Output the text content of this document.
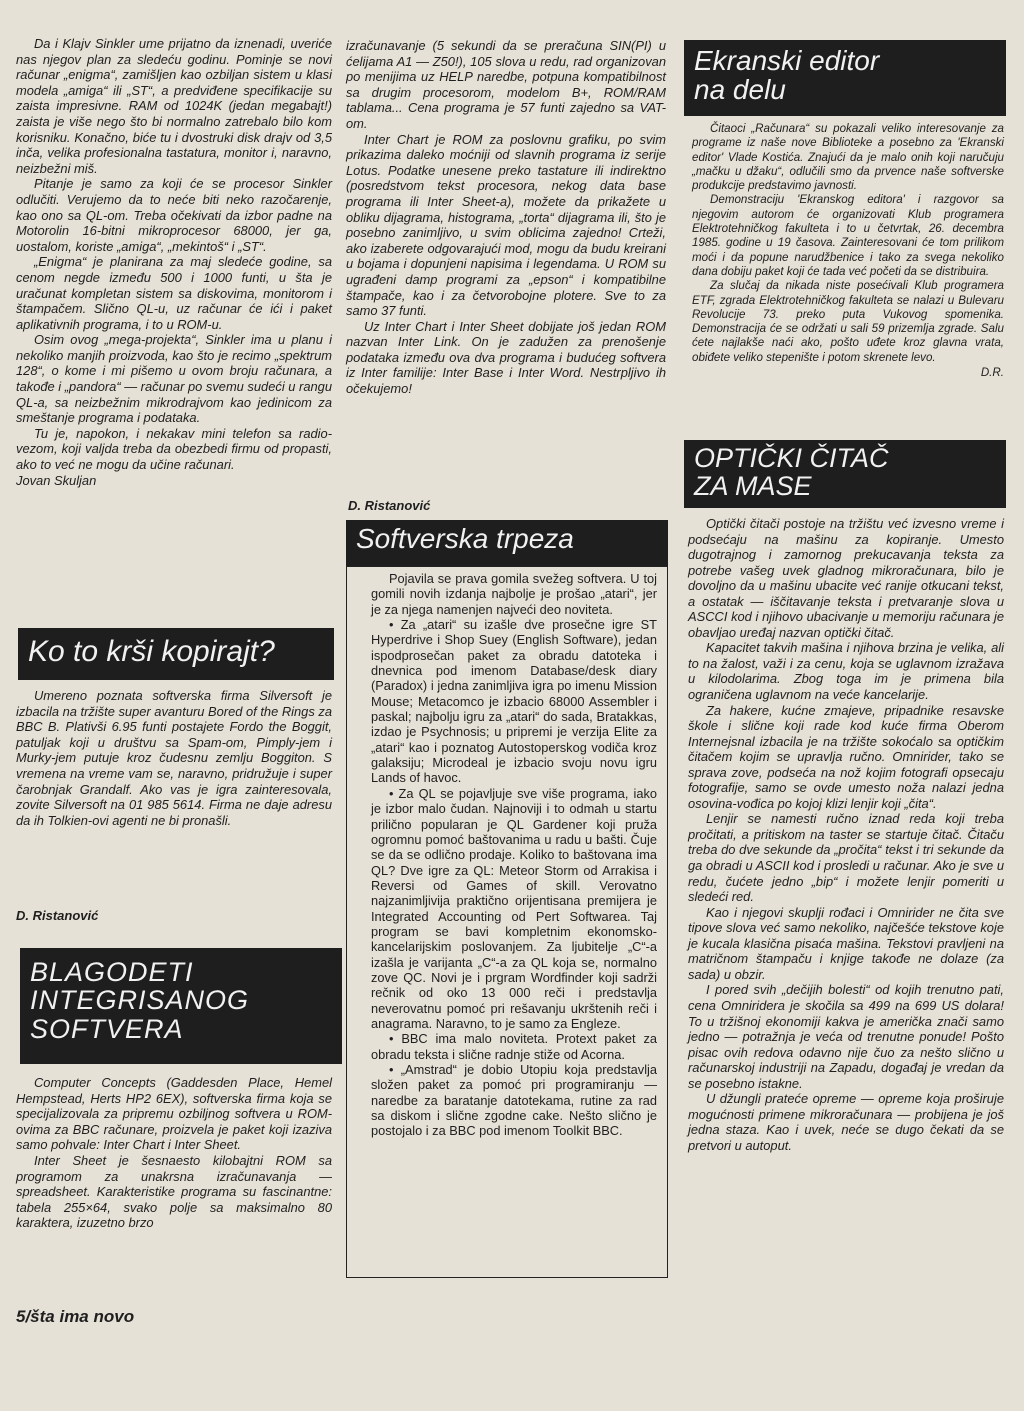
Da i Klajv Sinkler ume prijatno da iznenadi, uveriće nas njegov plan za sledeću godinu. Pominje se novi računar „enigma“, zamišljen kao ozbiljan sistem u klasi modela „amiga“ ili „ST“, a predviđene specifikacije su zaista impresivne. RAM od 1024K (jedan megabajt!) zaista je više nego što bi normalno zatrebalo bilo kom korisniku. Konačno, biće tu i dvostruki disk drajv od 3,5 inča, velika profesionalna tastatura, monitor i, naravno, neizbežni miš.

Pitanje je samo za koji će se procesor Sinkler odlučiti. Verujemo da to neće biti neko razočarenje, kao ono sa QL-om. Treba očekivati da izbor padne na Motorolin 16-bitni mikroprocesor 68000, jer ga, uostalom, koriste „amiga“, „mekintoš“ i „ST“.

„Enigma“ je planirana za maj sledeće godine, sa cenom negde između 500 i 1000 funti, u šta je uračunat kompletan sistem sa diskovima, monitorom i štampačem. Slično QL-u, uz računar će ići i paket aplikativnih programa, i to u ROM-u.

Osim ovog „mega-projekta“, Sinkler ima u planu i nekoliko manjih proizvoda, kao što je recimo „spektrum 128“, o kome i mi pišemo u ovom broju računara, a takođe i „pandora“ — računar po svemu sudeći u rangu QL-a, sa neizbežnim mikrodrajvom kao jedinicom za smeštanje programa i podataka.

Tu je, napokon, i nekakav mini telefon sa radio-vezom, koji valjda treba da obezbedi firmu od propasti, ako to već ne mogu da učine računari.

Jovan Skuljan

Ko to krši kopirajt?

Umereno poznata softverska firma Silversoft je izbacila na tržište super avanturu Bored of the Rings za BBC B. Plativši 6.95 funti postajete Fordo the Boggit, patuljak koji u društvu sa Spam-om, Pimply-jem i Murky-jem putuje kroz čudesnu zemlju Boggiton. S vremena na vreme vam se, naravno, pridružuje i super čarobnjak Grandalf. Ako vas je igra zainteresovala, zovite Silversoft na 01 985 5614. Firma ne daje adresu da ih Tolkien-ovi agenti ne bi pronašli.

D. Ristanović

BLAGODETI
INTEGRISANOG
SOFTVERA

Computer Concepts (Gaddesden Place, Hemel Hempstead, Herts HP2 6EX), softverska firma koja se specijalizovala za pripremu ozbiljnog softvera u ROM-ovima za BBC računare, proizvela je paket koji izaziva samo pohvale: Inter Chart i Inter Sheet.

Inter Sheet je šesnaesto kilobajtni ROM sa programom za unakrsna izračunavanja — spreadsheet. Karakteristike programa su fascinantne: tabela 255×64, svako polje sa maksimalno 80 karaktera, izuzetno brzo

izračunavanje (5 sekundi da se preračuna SIN(PI) u ćelijama A1 — Z50!), 105 slova u redu, rad organizovan po menijima uz HELP naredbe, potpuna kompatibilnost sa drugim procesorom, modelom B+, ROM/RAM tablama... Cena programa je 57 funti zajedno sa VAT-om.

Inter Chart je ROM za poslovnu grafiku, po svim prikazima daleko moćniji od slavnih programa iz serije Lotus. Podatke unesene preko tastature ili indirektno (posredstvom tekst procesora, nekog data base programa ili Inter Sheet-a), možete da prikažete u obliku dijagrama, histograma, „torta“ dijagrama ili, što je posebno zanimljivo, u svim oblicima zajedno! Crteži, ako izaberete odgovarajući mod, mogu da budu kreirani u bojama i dopunjeni napisima i legendama. U ROM su ugrađeni damp programi za „epson“ i kompatibilne štampače, kao i za četvorobojne plotere. Sve to za samo 37 funti.

Uz Inter Chart i Inter Sheet dobijate još jedan ROM nazvan Inter Link. On je zadužen za prenošenje podataka između ova dva programa i budućeg softvera iz Inter familije: Inter Base i Inter Word. Nestrpljivo ih očekujemo!

D. Ristanović

Softverska trpeza

Pojavila se prava gomila svežeg softvera. U toj gomili novih izdanja najbolje je prošao „atari“, jer je za njega namenjen najveći deo noviteta.

• Za „atari“ su izašle dve prosečne igre ST Hyperdrive i Shop Suey (English Software), jedan ispodprosečan paket za obradu datoteka i dnevnica pod imenom Database/desk diary (Paradox) i jedna zanimljiva igra po imenu Mission Mouse; Metacomco je izbacio 68000 Assembler i paskal; najbolju igru za „atari“ do sada, Bratakkas, izdao je Psychnosis; u pripremi je verzija Elite za „atari“ kao i poznatog Autostoperskog vodiča kroz galaksiju; Microdeal je izbacio svoju novu igru Lands of havoc.

• Za QL se pojavljuje sve više programa, iako je izbor malo čudan. Najnoviji i to odmah u startu prilično popularan je QL Gardener koji pruža ogromnu pomoć baštovanima u radu u bašti. Čuje se da se odlično prodaje. Koliko to baštovana ima QL? Dve igre za QL: Meteor Storm od Arrakisa i Reversi od Games of skill. Verovatno najzanimljivija praktično orijentisana premijera je Integrated Accounting od Pert Softwarea. Taj program se bavi kompletnim ekonomsko-kancelarijskim poslovanjem. Za ljubitelje „C“-a izašla je varijanta „C“-a za QL koja se, normalno zove QC. Novi je i prgram Wordfinder koji sadrži rečnik od oko 13 000 reči i predstavlja neverovatnu pomoć pri rešavanju ukrštenih reči i anagrama. Naravno, to je samo za Engleze.

• BBC ima malo noviteta. Protext paket za obradu teksta i slične radnje stiže od Acorna.

• „Amstrad“ je dobio Utopiu koja predstavlja složen paket za pomoć pri programiranju — naredbe za baratanje datotekama, rutine za rad sa diskom i slične zgodne cake. Nešto slično je postojalo i za BBC pod imenom Toolkit BBC.

Ekranski editor
na delu

Čitaoci „Računara“ su pokazali veliko interesovanje za programe iz naše nove Biblioteke a posebno za 'Ekranski editor' Vlade Kostića. Znajući da je malo onih koji naručuju „mačku u džaku“, odlučili smo da prvence naše softverske produkcije predstavimo javnosti.

Demonstraciju 'Ekranskog editora' i razgovor sa njegovim autorom će organizovati Klub programera Elektrotehničkog fakulteta i to u četvrtak, 26. decembra 1985. godine u 19 časova. Zainteresovani će tom prilikom moći i da popune narudžbenice i tako za svega nekoliko dana dobiju paket koji će tada već početi da se distribuira.

Za slučaj da nikada niste posećivali Klub programera ETF, zgrada Elektrotehničkog fakulteta se nalazi u Bulevaru Revolucije 73. preko puta Vukovog spomenika. Demonstracija će se održati u sali 59 prizemlja zgrade. Salu ćete najlakše naći ako, pošto uđete kroz glavna vrata, obiđete veliko stepenište i potom skrenete levo.

D.R.

OPTIČKI ČITAČ
ZA MASE

Optički čitači postoje na tržištu već izvesno vreme i podsećaju na mašinu za kopiranje. Umesto dugotrajnog i zamornog prekucavanja teksta za potrebe vašeg uvek gladnog mikroračunara, bilo je dovoljno da u mašinu ubacite već ranije otkucani tekst, a ostatak — iščitavanje teksta i pretvaranje slova u ASCCI kod i njihovo ubacivanje u memoriju računara je obavljao uređaj nazvan optički čitač.

Kapacitet takvih mašina i njihova brzina je velika, ali to na žalost, važi i za cenu, koja se uglavnom izražava u kilodolarima. Zbog toga im je primena bila ograničena uglavnom na veće kancelarije.

Za hakere, kućne zmajeve, pripadnike resavske škole i slične koji rade kod kuće firma Oberom Internejsnal izbacila je na tržište sokoćalo sa optičkim čitačem kojim se upravlja ručno. Omnirider, tako se sprava zove, podseća na nož kojim fotografi opsecaju fotografije, samo se ovde umesto noža nalazi jedna osovina-vođica po kojoj klizi lenjir koji „čita“.

Lenjir se namesti ručno iznad reda koji treba pročitati, a pritiskom na taster se startuje čitač. Čitaču treba do dve sekunde da „pročita“ tekst i tri sekunde da ga obradi u ASCII kod i prosledi u računar. Ako je sve u redu, čućete jedno „bip“ i možete lenjir pomeriti u sledeći red.

Kao i njegovi skuplji rođaci i Omnirider ne čita sve tipove slova već samo nekoliko, najčešće tekstove koje je kucala klasična pisaća mašina. Tekstovi pravljeni na matričnom štampaču i knjige takođe ne dolaze (za sada) u obzir.

I pored svih „dečijih bolesti“ od kojih trenutno pati, cena Omniridera je skočila sa 499 na 699 US dolara! To u tržišnoj ekonomiji kakva je američka znači samo jedno — potražnja je veća od trenutne ponude! Pošto pisac ovih redova odavno nije čuo za nešto slično u računarskoj industriji na Zapadu, događaj je vredan da se posebno istakne.

U džungli prateće opreme — opreme koja proširuje mogućnosti primene mikroračunara — probijena je još jedna staza. Kao i uvek, neće se dugo čekati da se pretvori u autoput.

5/šta ima novo
